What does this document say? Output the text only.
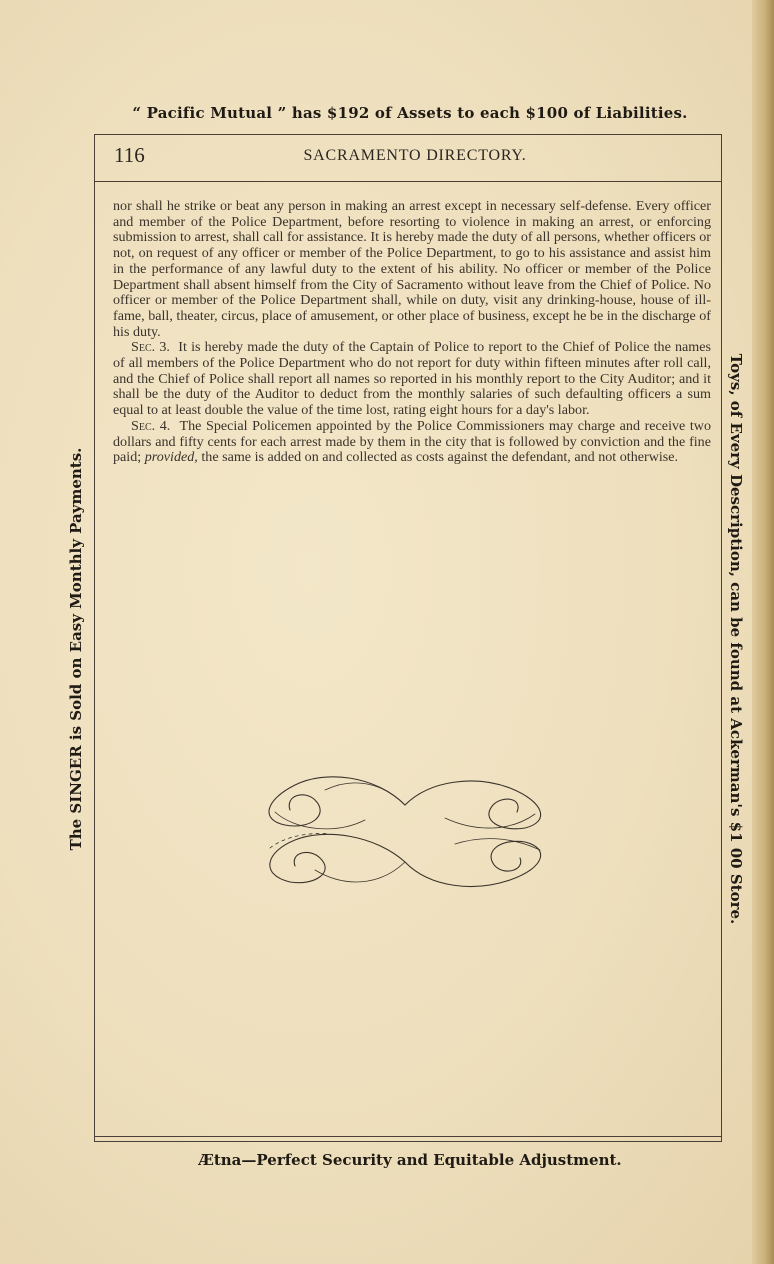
“ Pacific Mutual ” has $192 of Assets to each $100 of Liabilities.
The SINGER is Sold on Easy Monthly Payments.	Toys, of Every Description, can be found at Ackerman's $1 00 Store.
116	SACRAMENTO DIRECTORY.

nor shall he strike or beat any person in making an arrest except in necessary self-defense. Every officer and member of the Police Department, before resorting to violence in making an arrest, or enforcing submission to arrest, shall call for assistance. It is hereby made the duty of all persons, whether officers or not, on request of any officer or member of the Police Department, to go to his assistance and assist him in the performance of any lawful duty to the extent of his ability. No officer or member of the Police Department shall absent himself from the City of Sacramento without leave from the Chief of Police. No officer or member of the Police Department shall, while on duty, visit any drinking-house, house of ill-fame, ball, theater, circus, place of amusement, or other place of business, except he be in the discharge of his duty.

Sec. 3. It is hereby made the duty of the Captain of Police to report to the Chief of Police the names of all members of the Police Department who do not report for duty within fifteen minutes after roll call, and the Chief of Police shall report all names so reported in his monthly report to the City Auditor; and it shall be the duty of the Auditor to deduct from the monthly salaries of such defaulting officers a sum equal to at least double the value of the time lost, rating eight hours for a day's labor.

Sec. 4. The Special Policemen appointed by the Police Commissioners may charge and receive two dollars and fifty cents for each arrest made by them in the city that is followed by conviction and the fine paid; provided, the same is added on and collected as costs against the defendant, and not otherwise.

Ætna—Perfect Security and Equitable Adjustment.
